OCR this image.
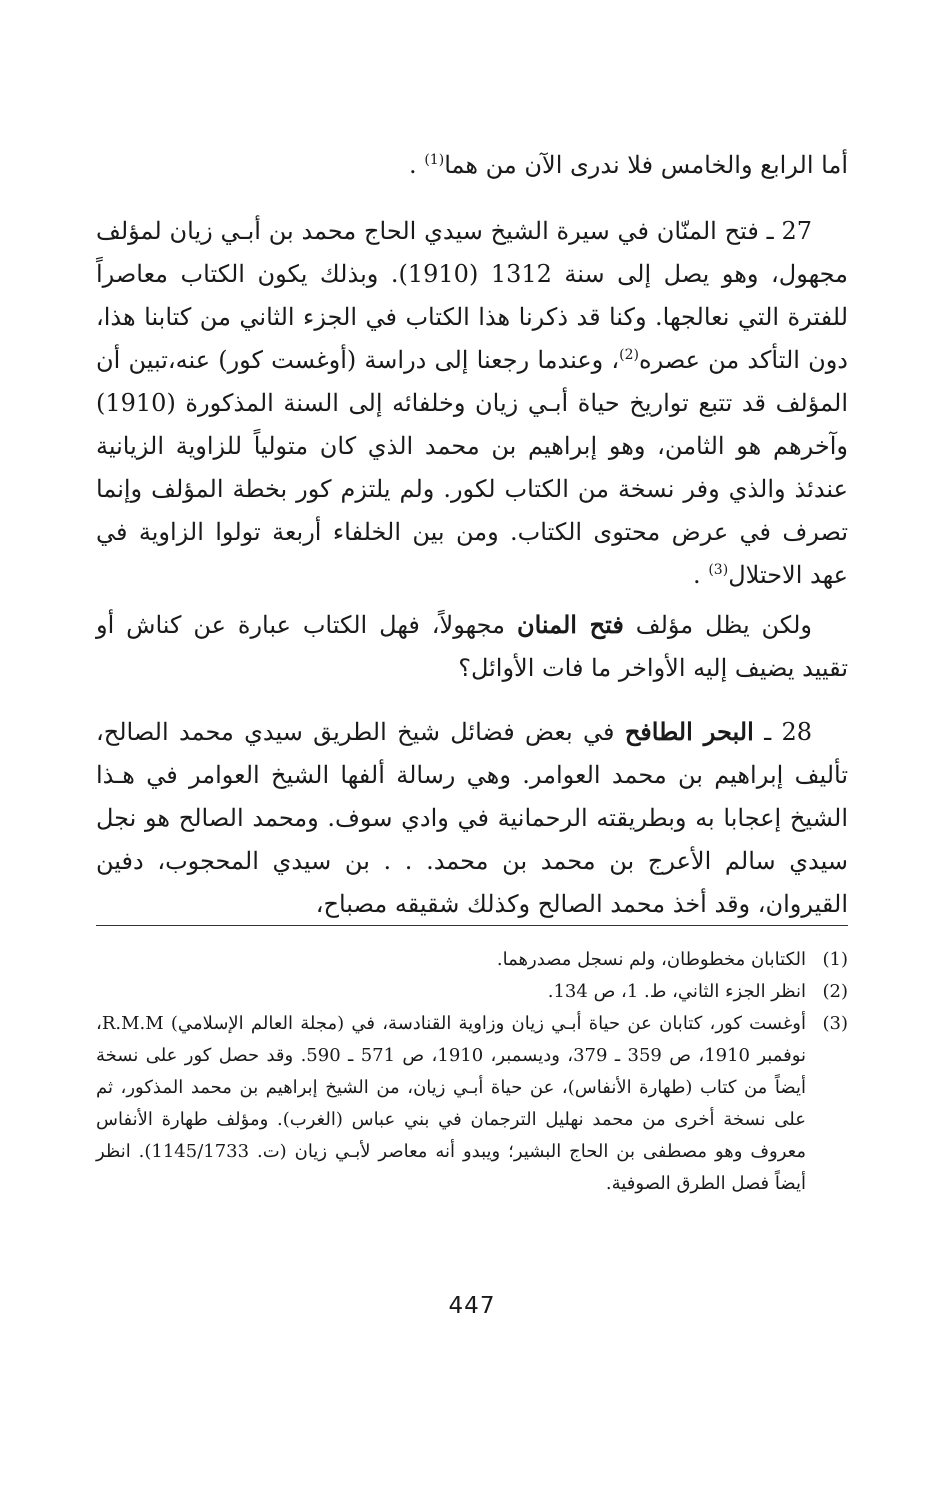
أما الرابع والخامس فلا ندرى الآن من هما$^{(1)}$ .

27 ـ فتح المنّان في سيرة الشيخ سيدي الحاج محمد بن أبـي زيان لمؤلف مجهول، وهو يصل إلى سنة 1312 (1910). وبذلك يكون الكتاب معاصراً للفترة التي نعالجها. وكنا قد ذكرنا هذا الكتاب في الجزء الثاني من كتابنا هذا، دون التأكد من عصره$^{(2)}$، وعندما رجعنا إلى دراسة (أوغست كور) عنه،تبين أن المؤلف قد تتبع تواريخ حياة أبـي زيان وخلفائه إلى السنة المذكورة (1910) وآخرهم هو الثامن، وهو إبراهيم بن محمد الذي كان متولياً للزاوية الزيانية عندئذ والذي وفر نسخة من الكتاب لكور. ولم يلتزم كور بخطة المؤلف وإنما تصرف في عرض محتوى الكتاب. ومن بين الخلفاء أربعة تولوا الزاوية في عهد الاحتلال$^{(3)}$ .

ولكن يظل مؤلف فتح المنان مجهولاً، فهل الكتاب عبارة عن كناش أو تقييد يضيف إليه الأواخر ما فات الأوائل؟

28 ـ البحر الطافح في بعض فضائل شيخ الطريق سيدي محمد الصالح، تأليف إبراهيم بن محمد العوامر. وهي رسالة ألفها الشيخ العوامر في هـذا الشيخ إعجابا به وبطريقته الرحمانية في وادي سوف. ومحمد الصالح هو نجل سيدي سالم الأعرج بن محمد بن محمد. . . بن سيدي المحجوب، دفين القيروان، وقد أخذ محمد الصالح وكذلك شقيقه مصباح،

(1)
الكتابان مخطوطان، ولم نسجل مصدرهما.
(2)
انظر الجزء الثاني، ط. 1، ص 134.
(3)
أوغست كور، كتابان عن حياة أبـي زيان وزاوية القنادسة، في (مجلة العالم الإسلامي) R.M.M، نوفمبر 1910، ص 359 ـ 379، وديسمبر، 1910، ص 571 ـ 590. وقد حصل كور على نسخة أيضاً من كتاب (طهارة الأنفاس)، عن حياة أبـي زيان، من الشيخ إبراهيم بن محمد المذكور، ثم على نسخة أخرى من محمد نهليل الترجمان في بني عباس (الغرب). ومؤلف طهارة الأنفاس معروف وهو مصطفى بن الحاج البشير؛ ويبدو أنه معاصر لأبـي زيان (ت. 1145/1733). انظر أيضاً فصل الطرق الصوفية.
447
